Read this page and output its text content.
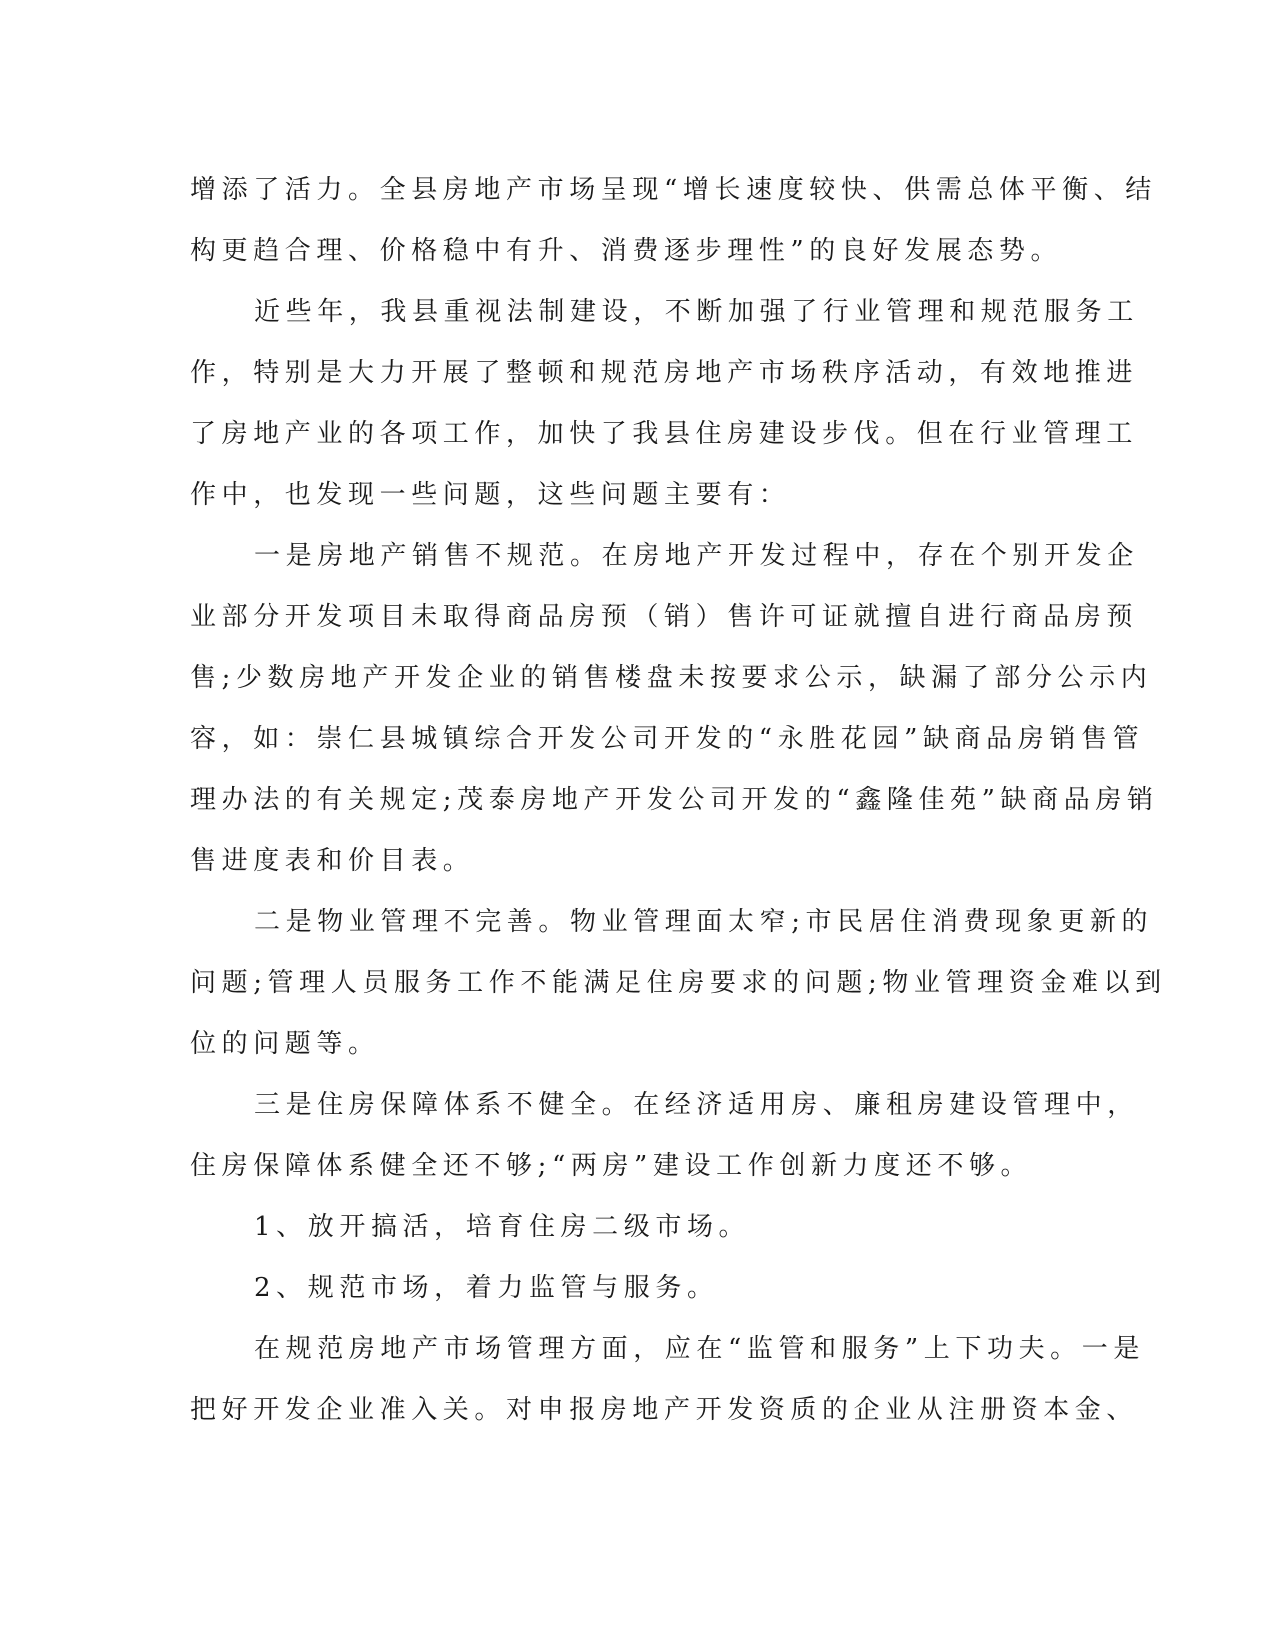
增添了活力。全县房地产市场呈现“增长速度较快、供需总体平衡、结
构更趋合理、价格稳中有升、消费逐步理性”的良好发展态势。
近些年，我县重视法制建设，不断加强了行业管理和规范服务工
作，特别是大力开展了整顿和规范房地产市场秩序活动，有效地推进
了房地产业的各项工作，加快了我县住房建设步伐。但在行业管理工
作中，也发现一些问题，这些问题主要有：
一是房地产销售不规范。在房地产开发过程中，存在个别开发企
业部分开发项目未取得商品房预（销）售许可证就擅自进行商品房预
售;少数房地产开发企业的销售楼盘未按要求公示，缺漏了部分公示内
容，如：崇仁县城镇综合开发公司开发的“永胜花园”缺商品房销售管
理办法的有关规定;茂泰房地产开发公司开发的“鑫隆佳苑”缺商品房销
售进度表和价目表。
二是物业管理不完善。物业管理面太窄;市民居住消费现象更新的
问题;管理人员服务工作不能满足住房要求的问题;物业管理资金难以到
位的问题等。
三是住房保障体系不健全。在经济适用房、廉租房建设管理中，
住房保障体系健全还不够;“两房”建设工作创新力度还不够。
1、放开搞活，培育住房二级市场。
2、规范市场，着力监管与服务。
在规范房地产市场管理方面，应在“监管和服务”上下功夫。一是
把好开发企业准入关。对申报房地产开发资质的企业从注册资本金、
